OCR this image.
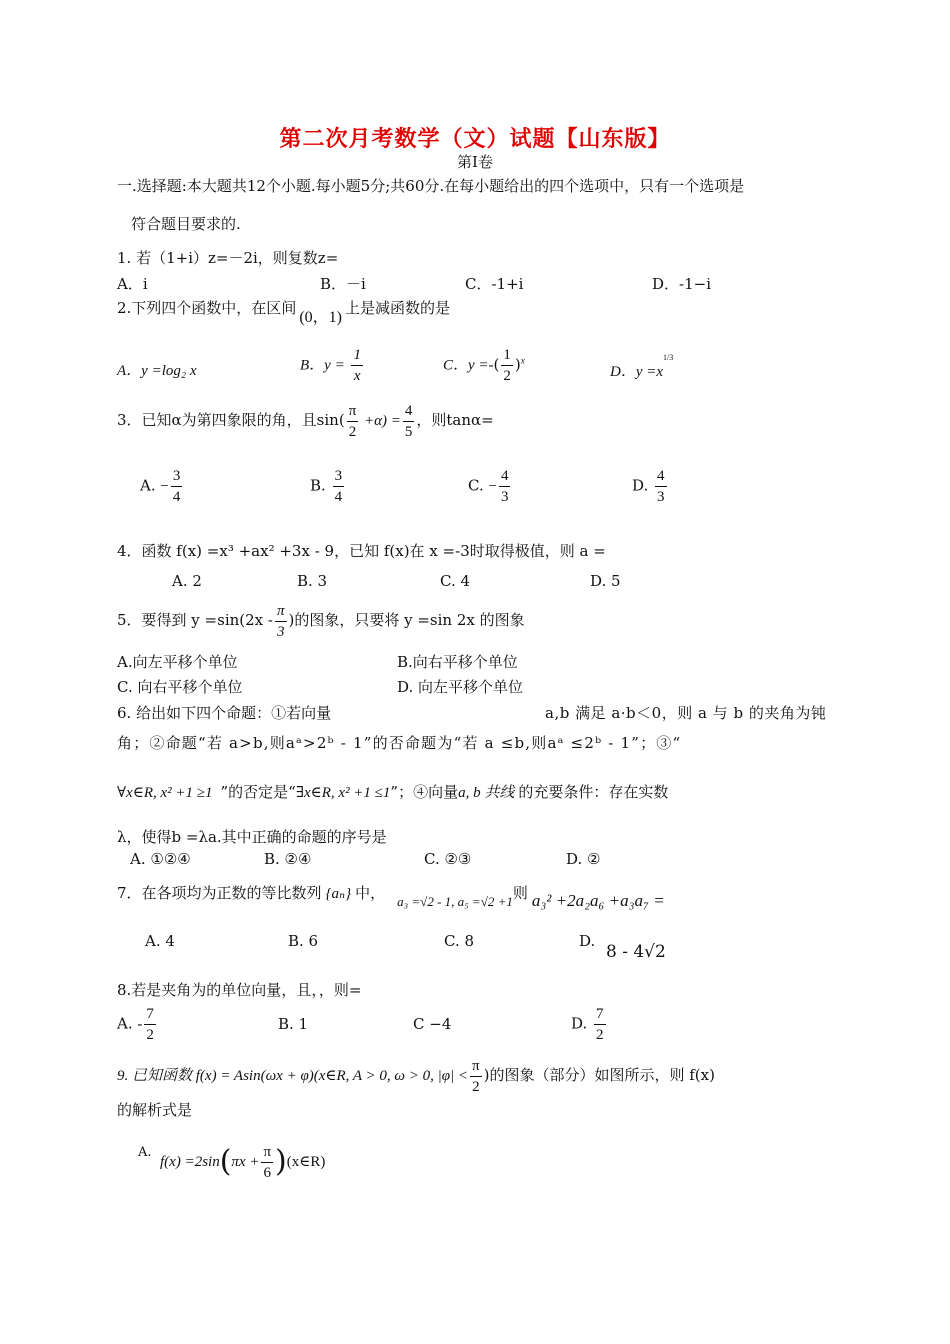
第二次月考数学（文）试题【山东版】
第Ⅰ卷
一.选择题:本大题共12个小题.每小题5分;共60分.在每小题给出的四个选项中，只有一个选项是
符合题目要求的.
1. 若（1+i）z=－2i，则复数z=
A．i	B．－i	C．-1+i	D．-1−i
2.下列四个函数中，在区间(0，1)上是减函数的是
A．y =log₂ x	B．$y = \frac{1}{x}$	C．y =-( $\frac{1}{2} )^x$
D．$y =x^{1/3}$
3．已知α为第四象限的角，且$\sin( \frac{\pi}{2} +\alpha) = \frac{4}{5}$ ，则tanα=
A. − $\frac{3}{4}$	B. $\frac{3}{4}$	C. − $\frac{4}{3}$	D. $\frac{4}{3}$
4．函数 f(x) =x³ +ax² +3x - 9，已知 f(x)在 x =-3时取得极值，则 a =
A. 2	B. 3	C. 4	D. 5
5．要得到 $y =\sin(2x - \frac{\pi}{3}$ )的图象，只要将 y =sin 2x 的图象
A.向左平移个单位	B.向右平移个单位
C. 向右平移个单位	D. 向左平移个单位
6. 给出如下四个命题：①若向量	a,b 满足 a·b＜0，则 a 与 b 的夹角为钝
角；②命题“若 a>b,则aᵃ>2ᵇ - 1”的否命题为“若 a ≤b,则aᵃ ≤2ᵇ - 1”；③“
∀x∈R, x² +1 ≥1 ”的否定是“∃x∈R, x² +1 ≤1”；④向量a, b 共线 的充要条件：存在实数
λ，使得b =λa.其中正确的命题的序号是
A. ①②④	B. ②④	C. ②③	D. ②
7．在各项均为正数的等比数列 {aₙ} 中， a₃ =√2 - 1, a₅ =√2 +1则 a₃² +2a₂a₆ +a₃a₇ =
A. 4	B. 6	C. 8	D.
8 - 4√2
8.若是夹角为的单位向量，且，，则=
A. - $\frac{7}{2}$	B. 1	C −4	D. $\frac{7}{2}$
9. 已知函数 f(x) = Asin(ωx + φ)(x∈R, A > 0, ω > 0, $|\varphi| < \frac{\pi}{2}$ )的图象（部分）如图所示，则 f(x)
的解析式是
A.
$f(x) =2\sin(\pi x + \frac{\pi}{6}$ )(x∈R)
